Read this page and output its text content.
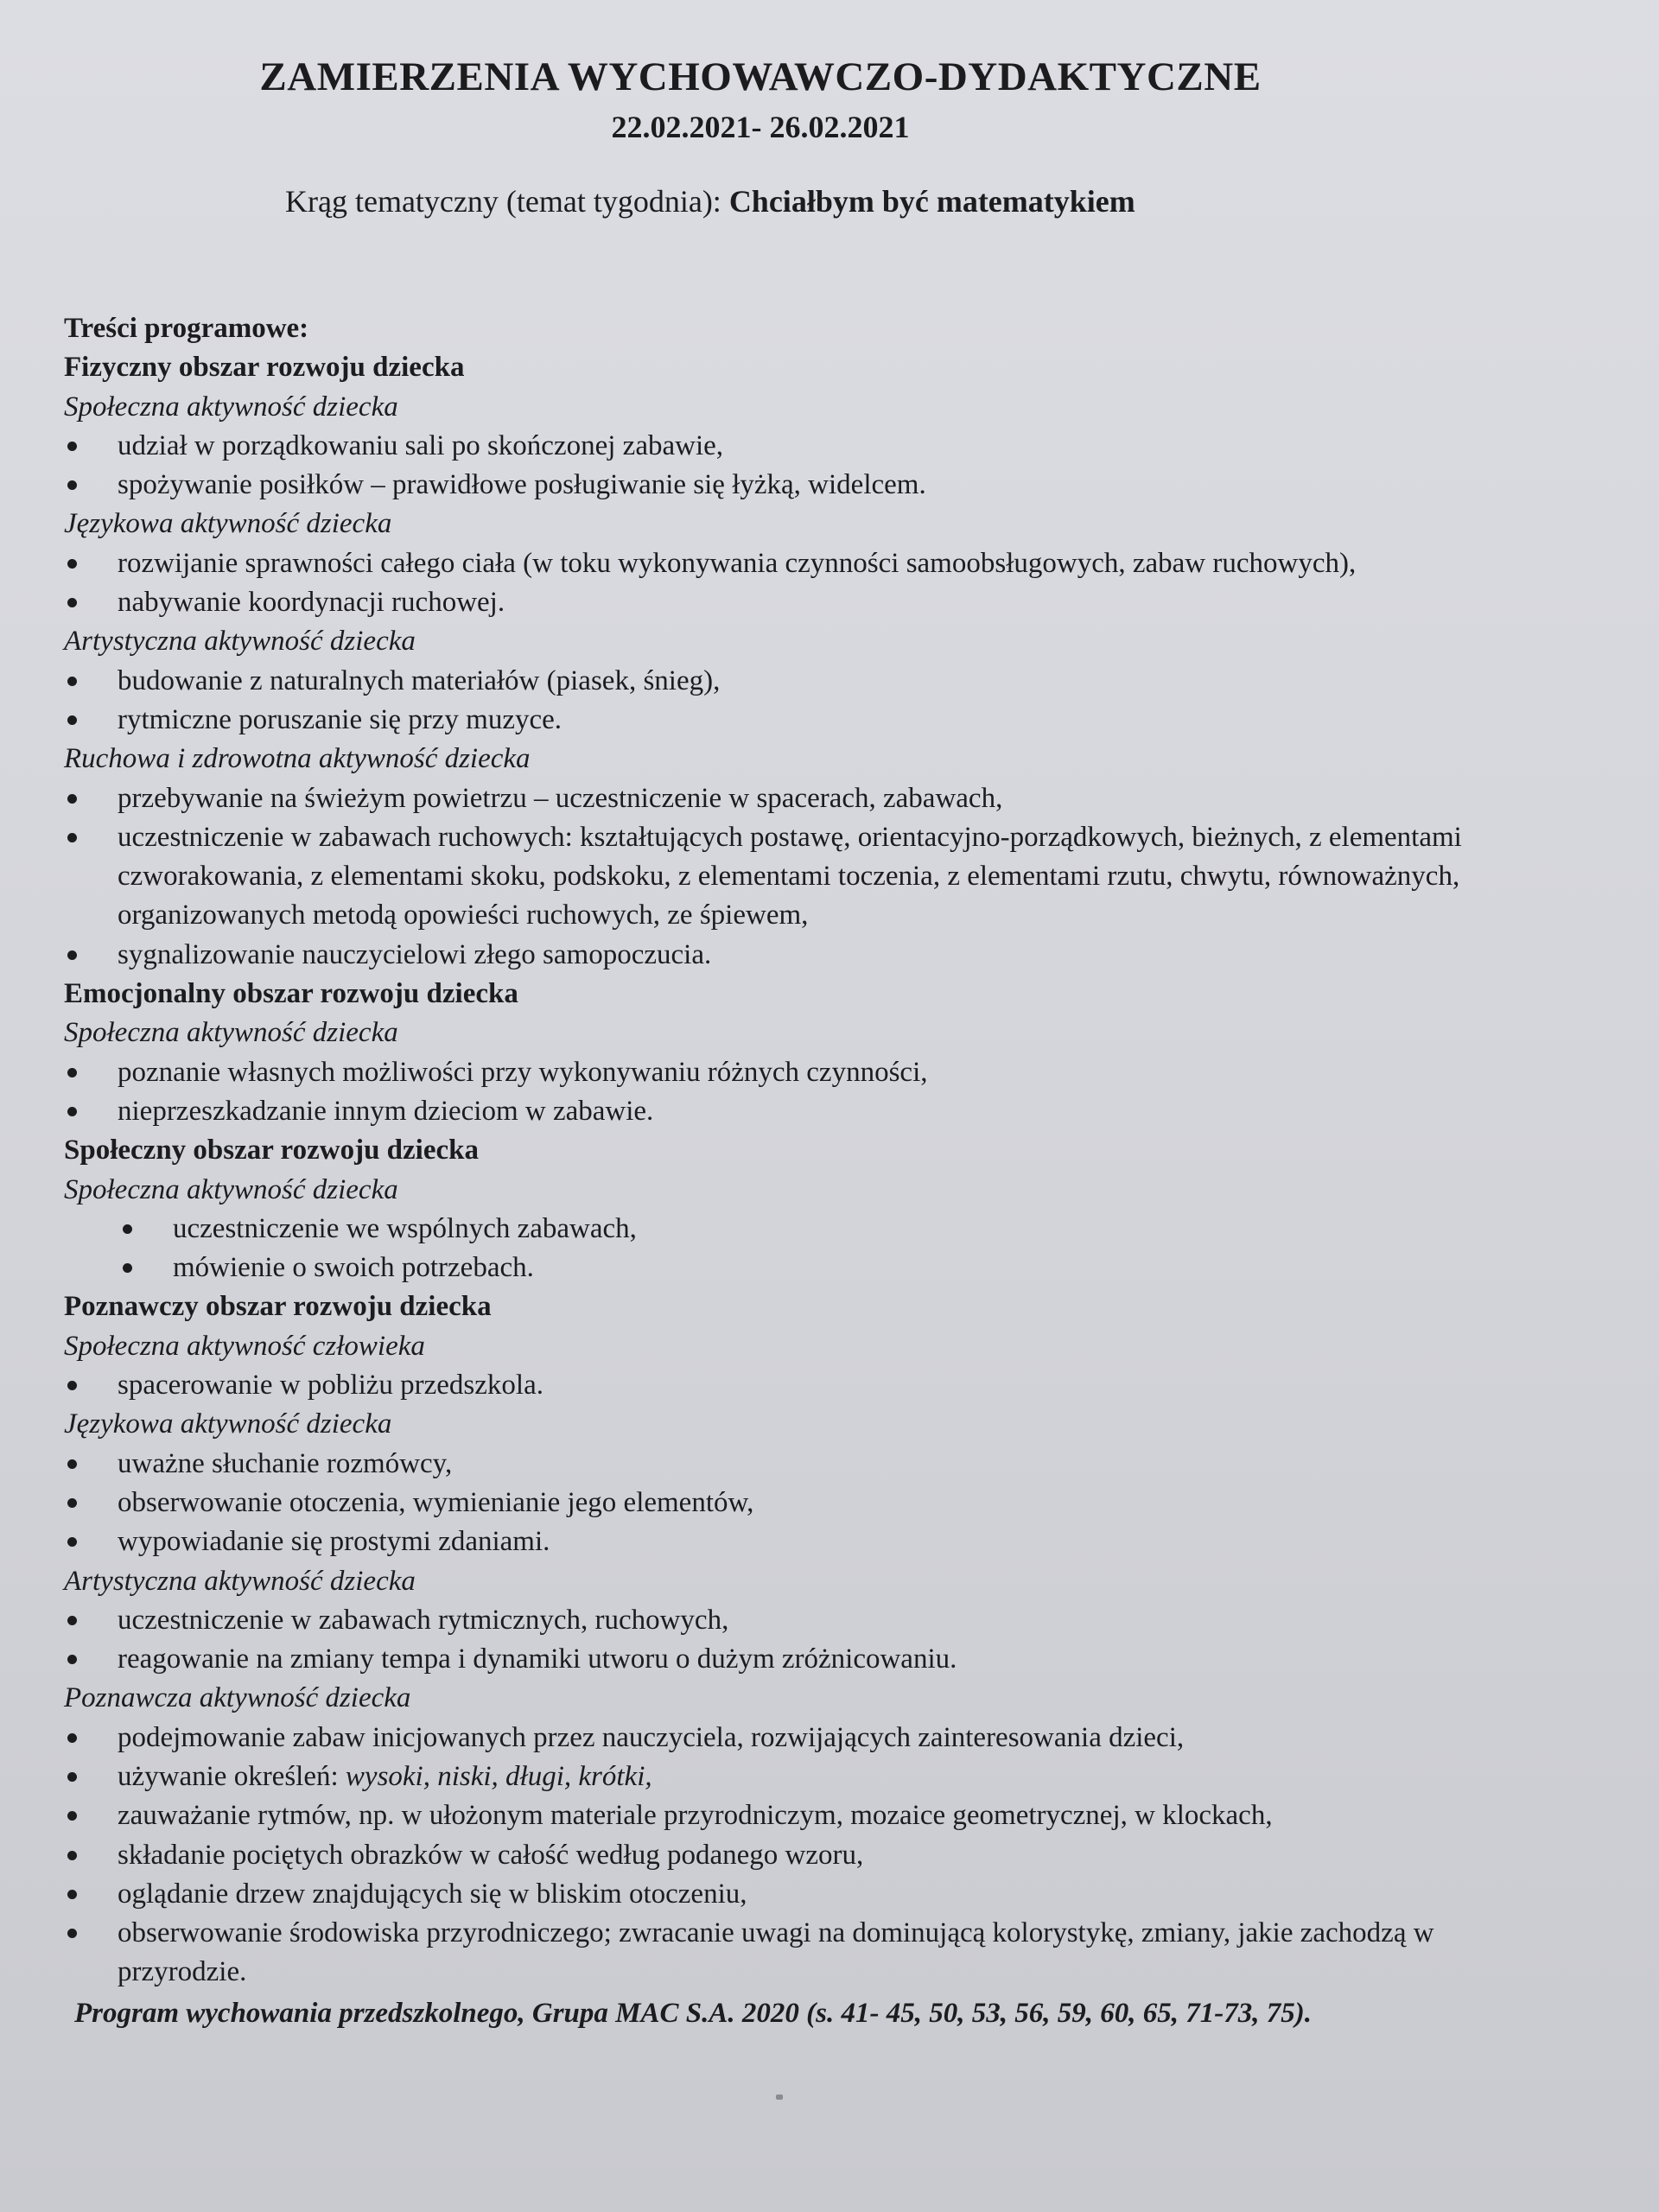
ZAMIERZENIA WYCHOWAWCZO-DYDAKTYCZNE
22.02.2021- 26.02.2021
Krąg tematyczny (temat tygodnia): Chciałbym być matematykiem
Treści programowe:
Fizyczny obszar rozwoju dziecka
Społeczna aktywność dziecka
udział w porządkowaniu sali po skończonej zabawie,
spożywanie posiłków – prawidłowe posługiwanie się łyżką, widelcem.
Językowa aktywność dziecka
rozwijanie sprawności całego ciała (w toku wykonywania czynności samoobsługowych, zabaw ruchowych),
nabywanie koordynacji ruchowej.
Artystyczna aktywność dziecka
budowanie z naturalnych materiałów (piasek, śnieg),
rytmiczne poruszanie się przy muzyce.
Ruchowa i zdrowotna aktywność dziecka
przebywanie na świeżym powietrzu – uczestniczenie w spacerach, zabawach,
uczestniczenie w zabawach ruchowych: kształtujących postawę, orientacyjno-porządkowych, bieżnych, z elementami czworakowania, z elementami skoku, podskoku, z elementami toczenia, z elementami rzutu, chwytu, równoważnych, organizowanych metodą opowieści ruchowych, ze śpiewem,
sygnalizowanie nauczycielowi złego samopoczucia.
Emocjonalny obszar rozwoju dziecka
Społeczna aktywność dziecka
poznanie własnych możliwości przy wykonywaniu różnych czynności,
nieprzeszkadzanie innym dzieciom w zabawie.
Społeczny obszar rozwoju dziecka
Społeczna aktywność dziecka
uczestniczenie we wspólnych zabawach,
mówienie o swoich potrzebach.
Poznawczy obszar rozwoju dziecka
Społeczna aktywność człowieka
spacerowanie w pobliżu przedszkola.
Językowa aktywność dziecka
uważne słuchanie rozmówcy,
obserwowanie otoczenia, wymienianie jego elementów,
wypowiadanie się prostymi zdaniami.
Artystyczna aktywność dziecka
uczestniczenie w zabawach rytmicznych, ruchowych,
reagowanie na zmiany tempa i dynamiki utworu o dużym zróżnicowaniu.
Poznawcza aktywność dziecka
podejmowanie zabaw inicjowanych przez nauczyciela, rozwijających zainteresowania dzieci,
używanie określeń: wysoki, niski, długi, krótki,
zauważanie rytmów, np. w ułożonym materiale przyrodniczym, mozaice geometrycznej, w klockach,
składanie pociętych obrazków w całość według podanego wzoru,
oglądanie drzew znajdujących się w bliskim otoczeniu,
obserwowanie środowiska przyrodniczego; zwracanie uwagi na dominującą kolorystykę, zmiany, jakie zachodzą w przyrodzie.
Program wychowania przedszkolnego, Grupa MAC S.A. 2020 (s. 41- 45, 50, 53, 56, 59, 60, 65, 71-73, 75).
